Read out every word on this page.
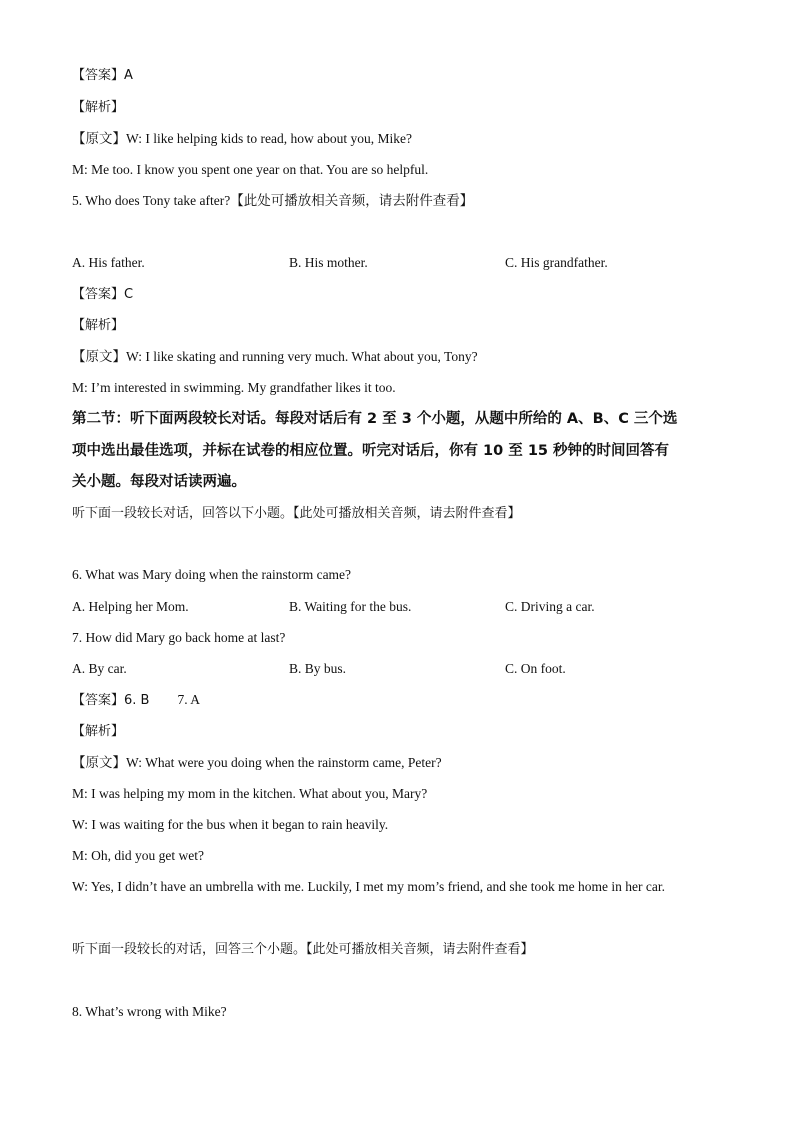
【答案】A
【解析】
【原文】W: I like helping kids to read, how about you, Mike?
M: Me too. I know you spent one year on that. You are so helpful.
5. Who does Tony take after?【此处可播放相关音频，请去附件查看】
A. His father.	B. His mother.	C. His grandfather.
【答案】C
【解析】
【原文】W: I like skating and running very much. What about you, Tony?
M: I’m interested in swimming. My grandfather likes it too.
第二节：听下面两段较长对话。每段对话后有 2 至 3 个小题，从题中所给的 A、B、C 三个选
项中选出最佳选项，并标在试卷的相应位置。听完对话后，你有 10 至 15 秒钟的时间回答有
关小题。每段对话读两遍。
听下面一段较长对话，回答以下小题。【此处可播放相关音频，请去附件查看】
6. What was Mary doing when the rainstorm came?
A. Helping her Mom.	B. Waiting for the bus.	C. Driving a car.
7. How did Mary go back home at last?
A. By car.	B. By bus.	C. On foot.
【答案】6. B 7. A
【解析】
【原文】W: What were you doing when the rainstorm came, Peter?
M: I was helping my mom in the kitchen. What about you, Mary?
W: I was waiting for the bus when it began to rain heavily.
M: Oh, did you get wet?
W: Yes, I didn’t have an umbrella with me. Luckily, I met my mom’s friend, and she took me home in her car.
听下面一段较长的对话，回答三个小题。【此处可播放相关音频，请去附件查看】
8. What’s wrong with Mike?
